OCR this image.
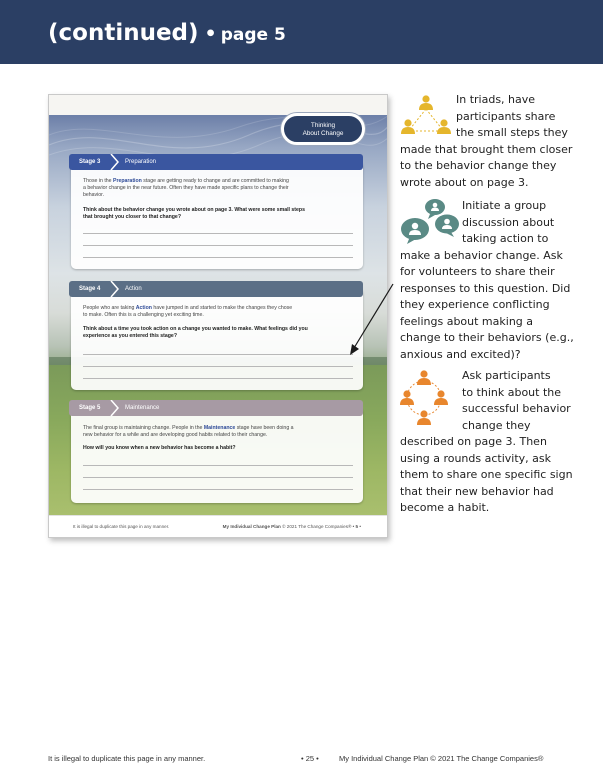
(continued) • page 5
Thinking
About Change
Those in the Preparation stage are getting ready to change and are committed to making
a behavior change in the near future. Often they have made specific plans to change their
behavior.
Think about the behavior change you wrote about on page 3. What were some small steps
that brought you closer to that change?
Stage 3	Preparation
People who are taking Action have jumped in and started to make the changes they chose
to make. Often this is a challenging yet exciting time.
Think about a time you took action on a change you wanted to make. What feelings did you
experience as you entered this stage?
Stage 4	Action
The final group is maintaining change. People in the Maintenance stage have been doing a
new behavior for a while and are developing good habits related to their change.
How will you know when a new behavior has become a habit?
Stage 5	Maintenance
It is illegal to duplicate this page in any manner.	My Individual Change Plan © 2021 The Change Companies® • 5 •

In triads, have

participants share

the small steps they

made that brought them closer

to the behavior change they

wrote about on page 3.

Initiate a group

discussion about

taking action to

make a behavior change. Ask

for volunteers to share their

responses to this question. Did

they experience conflicting

feelings about making a

change to their behaviors (e.g.,

anxious and excited)?

Ask participants

to think about the

successful behavior

change they

described on page 3. Then

using a rounds activity, ask

them to share one specific sign

that their new behavior had

become a habit.

It is illegal to duplicate this page in any manner.	• 25 •	My Individual Change Plan © 2021 The Change Companies®
